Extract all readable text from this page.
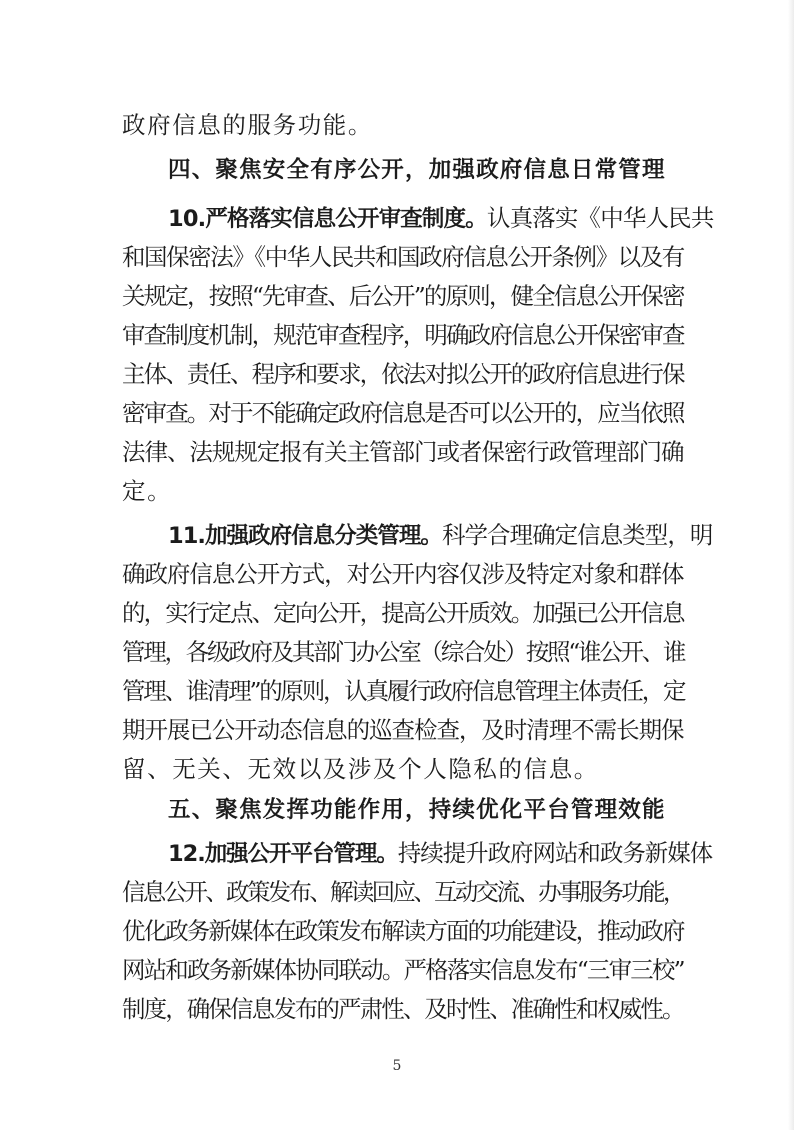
政府信息的服务功能。
四、聚焦安全有序公开，加强政府信息日常管理
10.严格落实信息公开审查制度。认真落实《中华人民共
和国保密法》《中华人民共和国政府信息公开条例》以及有
关规定，按照“先审查、后公开”的原则，健全信息公开保密
审查制度机制，规范审查程序，明确政府信息公开保密审查
主体、责任、程序和要求，依法对拟公开的政府信息进行保
密审查。对于不能确定政府信息是否可以公开的，应当依照
法律、法规规定报有关主管部门或者保密行政管理部门确
定。
11.加强政府信息分类管理。科学合理确定信息类型，明
确政府信息公开方式，对公开内容仅涉及特定对象和群体
的，实行定点、定向公开，提高公开质效。加强已公开信息
管理，各级政府及其部门办公室（综合处）按照“谁公开、谁
管理、谁清理”的原则，认真履行政府信息管理主体责任，定
期开展已公开动态信息的巡查检查，及时清理不需长期保
留、无关、无效以及涉及个人隐私的信息。
五、聚焦发挥功能作用，持续优化平台管理效能
12.加强公开平台管理。持续提升政府网站和政务新媒体
信息公开、政策发布、解读回应、互动交流、办事服务功能，
优化政务新媒体在政策发布解读方面的功能建设，推动政府
网站和政务新媒体协同联动。严格落实信息发布“三审三校”
制度，确保信息发布的严肃性、及时性、准确性和权威性。
5
